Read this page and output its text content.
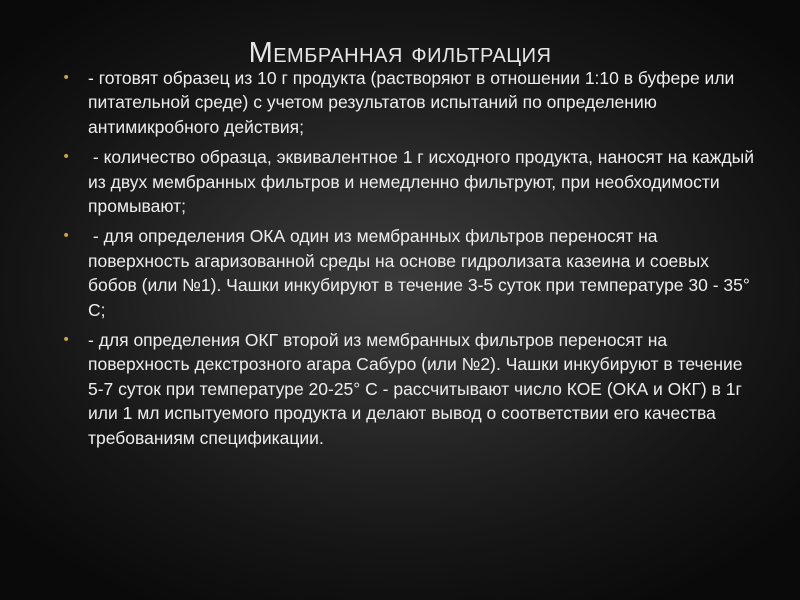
Мембранная фильтрация
• - готовят образец из 10 г продукта (растворяют в отношении 1:10 в буфере или питательной среде) с учетом результатов испытаний по определению антимикробного действия;
• - количество образца, эквивалентное 1 г исходного продукта, наносят на каждый из двух мембранных фильтров и немедленно фильтруют, при необходимости промывают;
• - для определения ОКА один из мембранных фильтров переносят на поверхность агаризованной среды на основе гидролизата казеина и соевых бобов (или №1). Чашки инкубируют в течение 3-5 суток при температуре 30 - 35° С;
• - для определения ОКГ второй из мембранных фильтров переносят на поверхность декстрозного агара Сабуро (или №2). Чашки инкубируют в течение 5-7 суток при температуре 20-25° С - рассчитывают число КОЕ (ОКА и ОКГ) в 1г или 1 мл испытуемого продукта и делают вывод о соответствии его качества требованиям спецификации.
